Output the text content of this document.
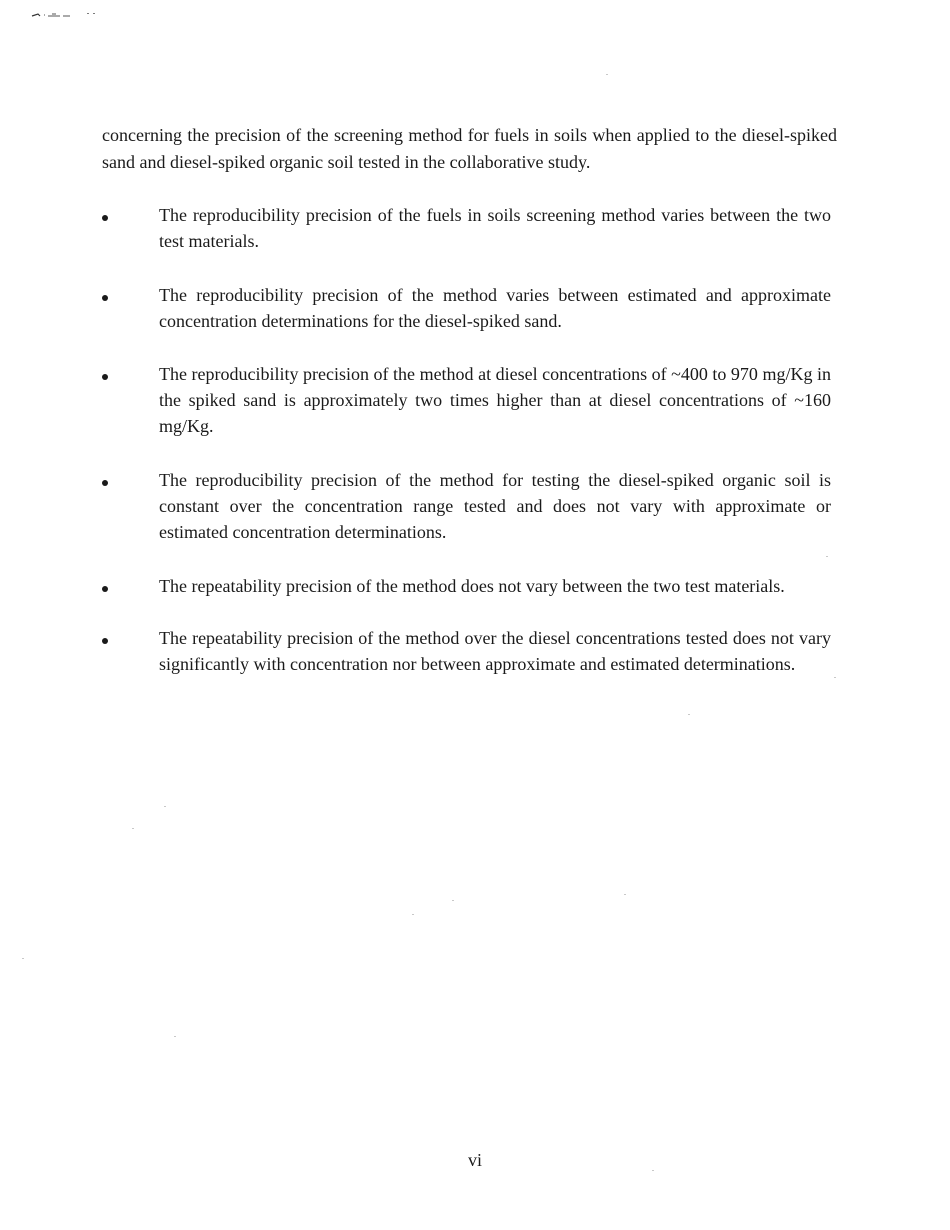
concerning the precision of the screening method for fuels in soils when applied to the diesel-spiked sand and diesel-spiked organic soil tested in the collaborative study.

The reproducibility precision of the fuels in soils screening method varies between the two test materials.

The reproducibility precision of the method varies between estimated and approximate concentration determinations for the diesel-spiked sand.

The reproducibility precision of the method at diesel concentrations of ~400 to 970 mg/Kg in the spiked sand is approximately two times higher than at diesel concentrations of ~160 mg/Kg.

The reproducibility precision of the method for testing the diesel-spiked organic soil is constant over the concentration range tested and does not vary with approximate or estimated concentration determinations.

The repeatability precision of the method does not vary between the two test materials.

The repeatability precision of the method over the diesel concentrations tested does not vary significantly with concentration nor between approximate and estimated determinations.

vi
